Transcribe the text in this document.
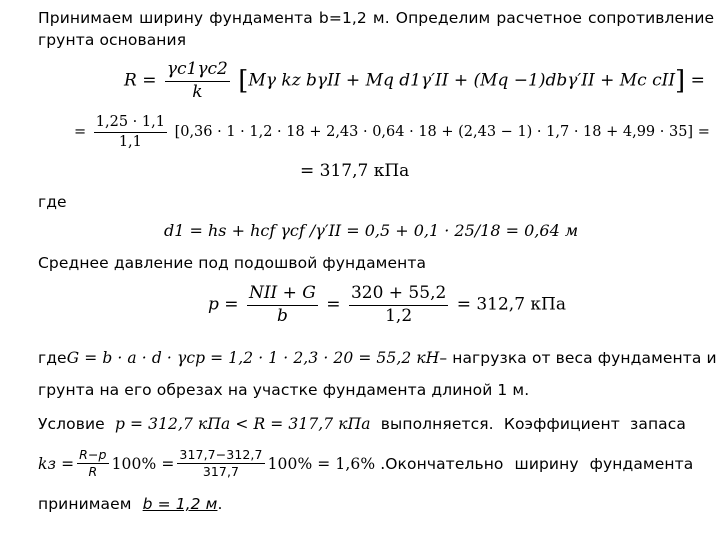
Принимаем ширину фундамента b=1,2 м. Определим расчетное сопротивление
грунта основания
$R = \frac{\gamma c1\gamma c2}{k} [M\gamma$ kz bγII + Mq d1γ′II + (Mq −1)dbγ′II + Mc cII] =
= $\frac{1,25 \cdot 1,1}{1,1} [0,36 \cdot 1 \cdot 1,2 \cdot 18 + 2,43 \cdot 0,64 \cdot 18 + (2,43 - 1) \cdot 1,7 \cdot 18 + 4,99 \cdot 35]$ =
= 317,7 кПа
где
d1 = hs + hcf γcf /γ′II = 0,5 + 0,1 · 25/18 = 0,64 м
Среднее давление под подошвой фундамента
$p = \frac{\text{NII + G}}{b} = \frac{320 + 55,2}{1,2} = 312,7$ кПа
где G = b · a · d · γср = 1,2 · 1 · 2,3 · 20 = 55,2 кН – нагрузка от веса фундамента и
грунта на его обрезах на участке фундамента длиной 1 м.
Условие p = 312,7 кПа < R = 317,7 кПа выполняется. Коэффициент запаса
kз = $\frac{R-p}{R} 100\% = \frac{317,7-312,7}{317,7} 100\% = 1,6\%$ . Окончательно ширину фундамента
принимаем b = 1,2 м.
